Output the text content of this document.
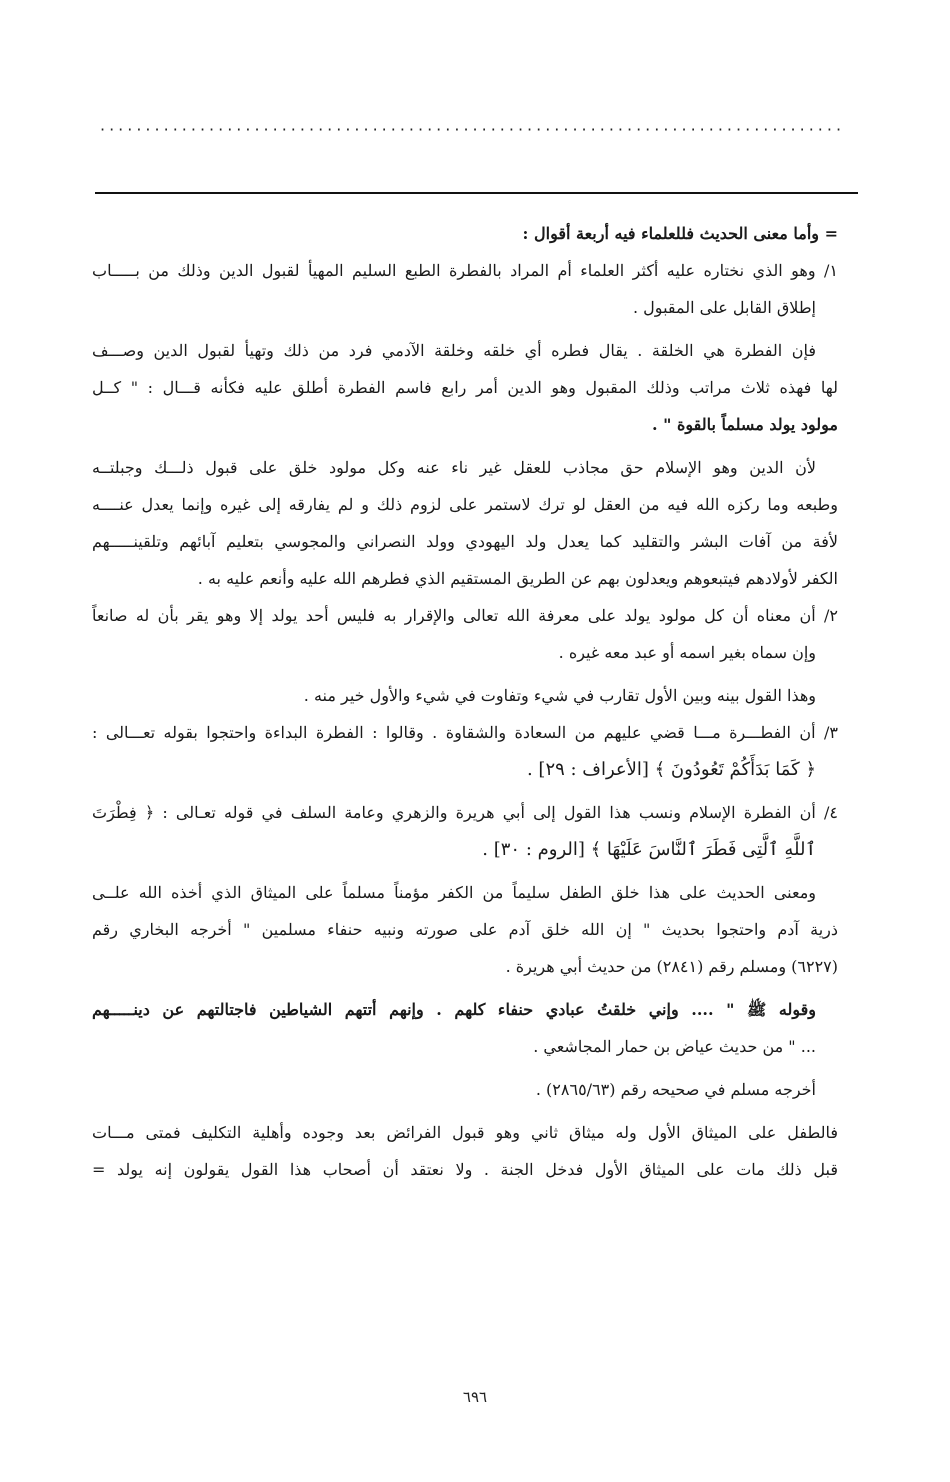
··················································································
= وأما معنى الحديث فللعلماء فيه أربعة أقوال :
١/ وهو الذي نختاره عليه أكثر العلماء أم المراد بالفطرة الطبع السليم المهيأ لقبول الدين وذلك من بـــــاب
إطلاق القابل على المقبول .
فإن الفطرة هي الخلقة . يقال فطره أي خلقه وخلقة الآدمي فرد من ذلك وتهيأ لقبول الدين وصـــف
لها فهذه ثلاث مراتب وذلك المقبول وهو الدين أمر رابع فاسم الفطرة أطلق عليه فكأنه قـــال : " كــل
مولود يولد مسلماً بالقوة " .
لأن الدين وهو الإسلام حق مجاذب للعقل غير ناء عنه وكل مولود خلق على قبول ذلـــك وجبلتــه
وطبعه وما ركزه الله فيه من العقل لو ترك لاستمر على لزوم ذلك و لم يفارقه إلى غيره وإنما يعدل عنــــه
لأفة من آفات البشر والتقليد كما يعدل ولد اليهودي وولد النصراني والمجوسي بتعليم آبائهم وتلقينـــــهم
الكفر لأولادهم فيتبعوهم ويعدلون بهم عن الطريق المستقيم الذي فطرهم الله عليه وأنعم عليه به .
٢/ أن معناه أن كل مولود يولد على معرفة الله تعالى والإقرار به فليس أحد يولد إلا وهو يقر بأن له صانعاً
وإن سماه بغير اسمه أو عبد معه غيره .
وهذا القول بينه وبين الأول تقارب في شيء وتفاوت في شيء والأول خير منه .
٣/ أن الفطـــرة مـــا قضي عليهم من السعادة والشقاوة . وقالوا : الفطرة البداءة واحتجوا بقوله تعـــالى :
﴿ كَمَا بَدَأَكُمْ تَعُودُونَ ﴾ [الأعراف : ٢٩] .
٤/ أن الفطرة الإسلام ونسب هذا القول إلى أبي هريرة والزهري وعامة السلف في قوله تعـالى : ﴿ فِطْرَتَ
ٱللَّهِ ٱلَّتِى فَطَرَ ٱلنَّاسَ عَلَيْهَا ﴾ [الروم : ٣٠] .
ومعنى الحديث على هذا خلق الطفل سليماً من الكفر مؤمناً مسلماً على الميثاق الذي أخذه الله علــى
ذرية آدم واحتجوا بحديث " إن الله خلق آدم على صورته ونبيه حنفاء مسلمين " أخرجه البخاري رقم
(٦٢٢٧) ومسلم رقم (٢٨٤١) من حديث أبي هريرة .
وقوله ﷺ " .... وإني خلقتُ عبادي حنفاء كلهم . وإنهم أتتهم الشياطين فاجتالتهم عن دينـــــهم
... " من حديث عياض بن حمار المجاشعي .
أخرجه مسلم في صحيحه رقم (٢٨٦٥/٦٣) .
فالطفل على الميثاق الأول وله ميثاق ثاني وهو قبول الفرائض بعد وجوده وأهلية التكليف فمتى مـــات
قبل ذلك مات على الميثاق الأول فدخل الجنة . ولا نعتقد أن أصحاب هذا القول يقولون إنه يولد =
٦٩٦
